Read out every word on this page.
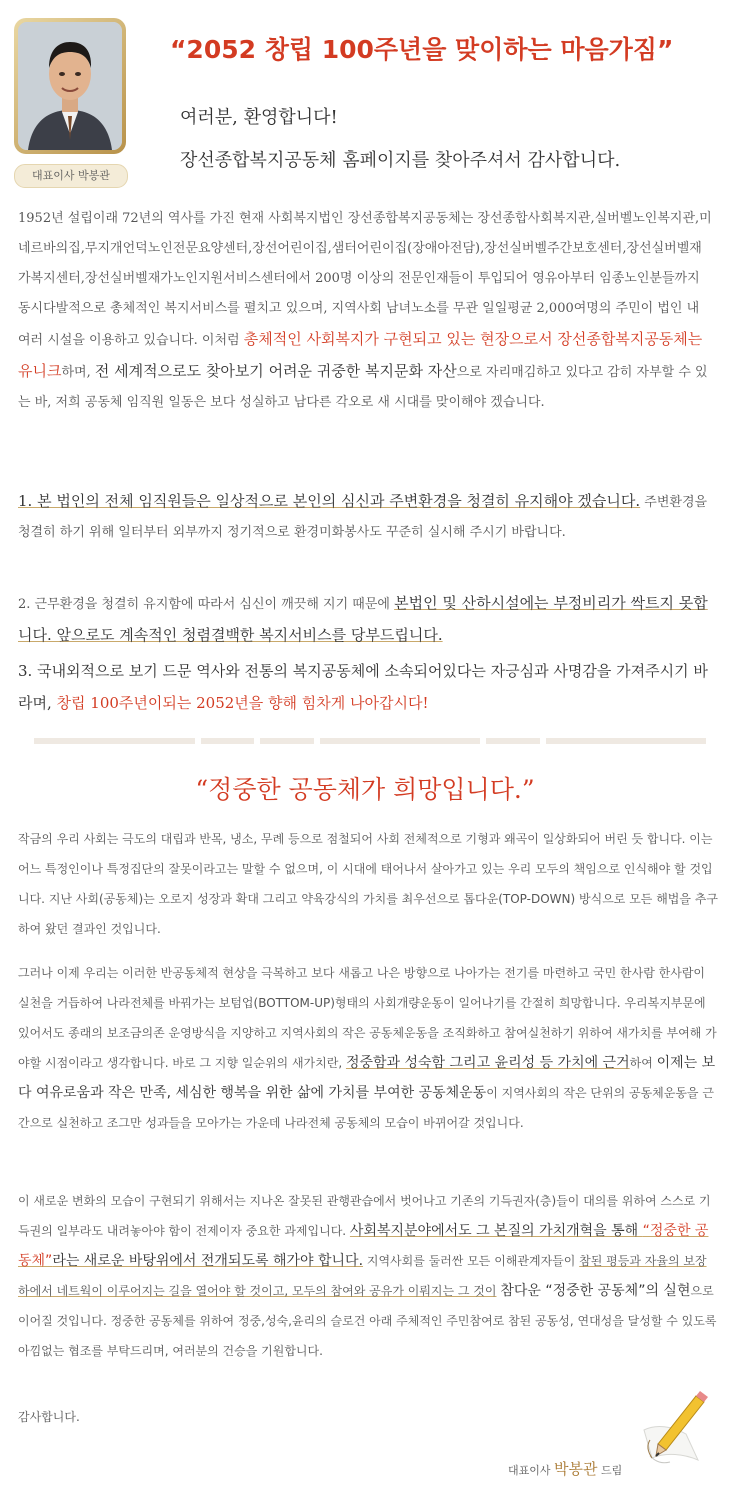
대표이사 박봉관
“2052 창립 100주년을 맞이하는 마음가짐”
여러분, 환영합니다!
장선종합복지공동체 홈페이지를 찾아주셔서 감사합니다.

1952년 설립이래 72년의 역사를 가진 현재 사회복지법인 장선종합복지공동체는 장선종합사회복지관,실버벨노인복지관,미네르바의집,무지개언덕노인전문요양센터,장선어린이집,샘터어린이집(장애아전담),장선실버벨주간보호센터,장선실버벨재가복지센터,장선실버벨재가노인지원서비스센터에서 200명 이상의 전문인재들이 투입되어 영유아부터 임종노인분들까지 동시다발적으로 총체적인 복지서비스를 펼치고 있으며, 지역사회 남녀노소를 무관 일일평균 2,000여명의 주민이 법인 내 여러 시설을 이용하고 있습니다. 이처럼 총체적인 사회복지가 구현되고 있는 현장으로서 장선종합복지공동체는 유니크하며, 전 세계적으로도 찾아보기 어려운 귀중한 복지문화 자산으로 자리매김하고 있다고 감히 자부할 수 있는 바, 저희 공동체 임직원 일동은 보다 성실하고 남다른 각오로 새 시대를 맞이해야 겠습니다.

1. 본 법인의 전체 임직원들은 일상적으로 본인의 심신과 주변환경을 청결히 유지해야 겠습니다. 주변환경을 청결히 하기 위해 일터부터 외부까지 정기적으로 환경미화봉사도 꾸준히 실시해 주시기 바랍니다.

2. 근무환경을 청결히 유지함에 따라서 심신이 깨끗해 지기 때문에 본법인 및 산하시설에는 부정비리가 싹트지 못합니다. 앞으로도 계속적인 청렴결백한 복지서비스를 당부드립니다.

3. 국내외적으로 보기 드문 역사와 전통의 복지공동체에 소속되어있다는 자긍심과 사명감을 가져주시기 바라며, 창립 100주년이되는 2052년을 향해 힘차게 나아갑시다!

“정중한 공동체가 희망입니다.”

작금의 우리 사회는 극도의 대립과 반목, 냉소, 무례 등으로 점철되어 사회 전체적으로 기형과 왜곡이 일상화되어 버린 듯 합니다. 이는 어느 특정인이나 특정집단의 잘못이라고는 말할 수 없으며, 이 시대에 태어나서 살아가고 있는 우리 모두의 책임으로 인식해야 할 것입니다. 지난 사회(공동체)는 오로지 성장과 확대 그리고 약육강식의 가치를 최우선으로 톱다운(TOP-DOWN) 방식으로 모든 해법을 추구하여 왔던 결과인 것입니다.

그러나 이제 우리는 이러한 반공동체적 현상을 극복하고 보다 새롭고 나은 방향으로 나아가는 전기를 마련하고 국민 한사람 한사람이 실천을 거듭하여 나라전체를 바꿔가는 보텀업(BOTTOM-UP)형태의 사회개량운동이 일어나기를 간절히 희망합니다. 우리복지부문에 있어서도 종래의 보조금의존 운영방식을 지양하고 지역사회의 작은 공동체운동을 조직화하고 참여실천하기 위하여 새가치를 부여해 가야할 시점이라고 생각합니다. 바로 그 지향 일순위의 새가치란, 정중함과 성숙함 그리고 윤리성 등 가치에 근거하여 이제는 보다 여유로움과 작은 만족, 세심한 행복을 위한 삶에 가치를 부여한 공동체운동이 지역사회의 작은 단위의 공동체운동을 근간으로 실천하고 조그만 성과들을 모아가는 가운데 나라전체 공동체의 모습이 바뀌어갈 것입니다.

이 새로운 변화의 모습이 구현되기 위해서는 지나온 잘못된 관행관습에서 벗어나고 기존의 기득권자(층)들이 대의를 위하여 스스로 기득권의 일부라도 내려놓아야 함이 전제이자 중요한 과제입니다. 사회복지분야에서도 그 본질의 가치개혁을 통해 “정중한 공동체”라는 새로운 바탕위에서 전개되도록 해가야 합니다. 지역사회를 둘러싼 모든 이해관계자들이 참된 평등과 자율의 보장하에서 네트웍이 이루어지는 길을 열어야 할 것이고, 모두의 참여와 공유가 이뤄지는 그 것이 참다운 “정중한 공동체”의 실현으로 이어질 것입니다. 정중한 공동체를 위하여 정중,성숙,윤리의 슬로건 아래 주체적인 주민참여로 참된 공동성, 연대성을 달성할 수 있도록 아낌없는 협조를 부탁드리며, 여러분의 건승을 기원합니다.

감사합니다.
대표이사 박봉관 드림
